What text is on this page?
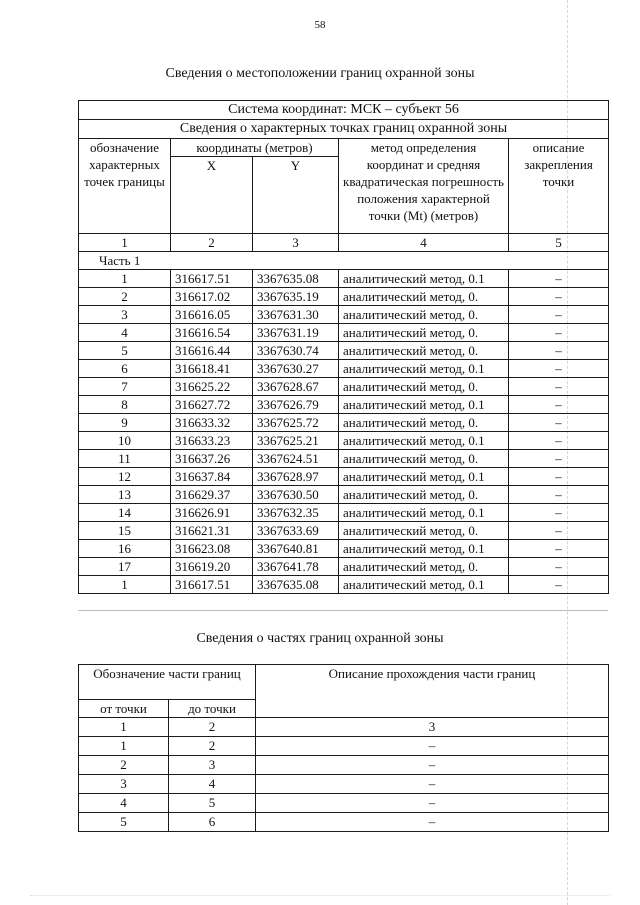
58
Сведения о местоположении границ охранной зоны
Система координат: МСК – субъект 56				
Сведения о характерных точках границ охранной зоны				
обозначение характерных точек границы	координаты (метров)		метод определения координат и средняя квадратическая погрешность положения характерной точки (Mt) (метров)	описание закрепления точки
	X	Y		
1	2	3	4	5
Часть 1				
1	316617.51	3367635.08	аналитический метод, 0.1	–
2	316617.02	3367635.19	аналитический метод, 0.	–
3	316616.05	3367631.30	аналитический метод, 0.	–
4	316616.54	3367631.19	аналитический метод, 0.	–
5	316616.44	3367630.74	аналитический метод, 0.	–
6	316618.41	3367630.27	аналитический метод, 0.1	–
7	316625.22	3367628.67	аналитический метод, 0.	–
8	316627.72	3367626.79	аналитический метод, 0.1	–
9	316633.32	3367625.72	аналитический метод, 0.	–
10	316633.23	3367625.21	аналитический метод, 0.1	–
11	316637.26	3367624.51	аналитический метод, 0.	–
12	316637.84	3367628.97	аналитический метод, 0.1	–
13	316629.37	3367630.50	аналитический метод, 0.	–
14	316626.91	3367632.35	аналитический метод, 0.1	–
15	316621.31	3367633.69	аналитический метод, 0.	–
16	316623.08	3367640.81	аналитический метод, 0.1	–
17	316619.20	3367641.78	аналитический метод, 0.	–
1	316617.51	3367635.08	аналитический метод, 0.1	–
Сведения о частях границ охранной зоны
Обозначение части границ		Описание прохождения части границ
от точки	до точки	
1	2	3
1	2	–
2	3	–
3	4	–
4	5	–
5	6	–
